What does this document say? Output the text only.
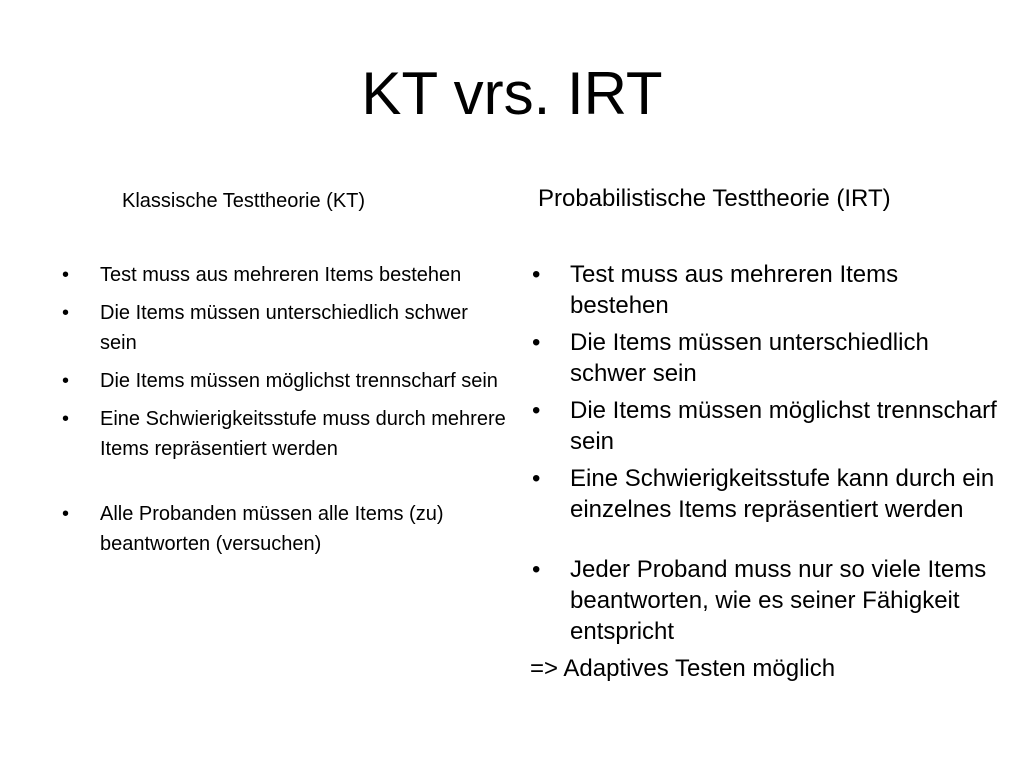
KT vrs. IRT
Klassische Testtheorie (KT)	Probabilistische Testtheorie (IRT)
• Test muss aus mehreren Items bestehen
• Die Items müssen unterschiedlich schwer sein
• Die Items müssen möglichst trennscharf sein
• Eine Schwierigkeitsstufe muss durch mehrere Items repräsentiert werden
• Alle Probanden müssen alle Items (zu) beantworten (versuchen)
• Test muss aus mehreren Items bestehen
• Die Items müssen unterschiedlich schwer sein
• Die Items müssen möglichst trennscharf sein
• Eine Schwierigkeitsstufe kann durch ein einzelnes Items repräsentiert werden
• Jeder Proband muss nur so viele Items beantworten, wie es seiner Fähigkeit entspricht
=> Adaptives Testen möglich
